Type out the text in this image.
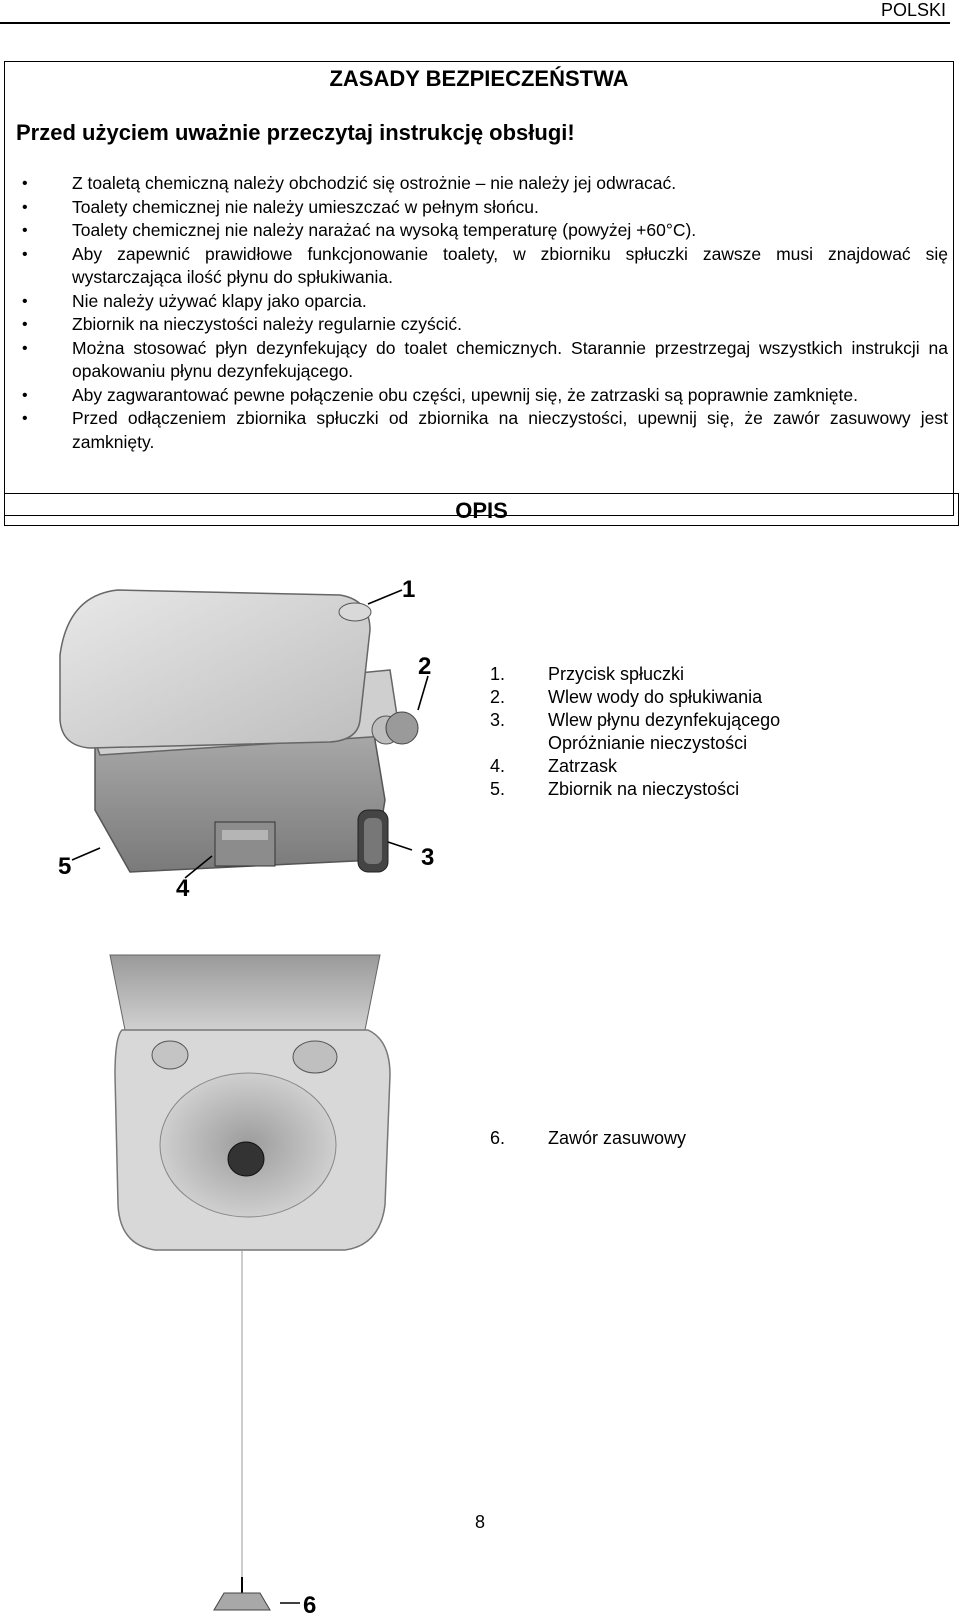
POLSKI
ZASADY BEZPIECZEŃSTWA
Przed użyciem uważnie przeczytaj instrukcję obsługi!
• Z toaletą chemiczną należy obchodzić się ostrożnie – nie należy jej odwracać.
• Toalety chemicznej nie należy umieszczać w pełnym słońcu.
• Toalety chemicznej nie należy narażać na wysoką temperaturę (powyżej +60°C).
• Aby zapewnić prawidłowe funkcjonowanie toalety, w zbiorniku spłuczki zawsze musi znajdować się wystarczająca ilość płynu do spłukiwania.
• Nie należy używać klapy jako oparcia.
• Zbiornik na nieczystości należy regularnie czyścić.
• Można stosować płyn dezynfekujący do toalet chemicznych. Starannie przestrzegaj wszystkich instrukcji na opakowaniu płynu dezynfekującego.
• Aby zagwarantować pewne połączenie obu części, upewnij się, że zatrzaski są poprawnie zamknięte.
• Przed odłączeniem zbiornika spłuczki od zbiornika na nieczystości, upewnij się, że zawór zasuwowy jest zamknięty.
OPIS
1
2
3
4
5
1. Przycisk spłuczki
2. Wlew wody do spłukiwania
3. Wlew płynu dezynfekującego
Opróżnianie nieczystości
4. Zatrzask
5. Zbiornik na nieczystości
6
6. Zawór zasuwowy
8
